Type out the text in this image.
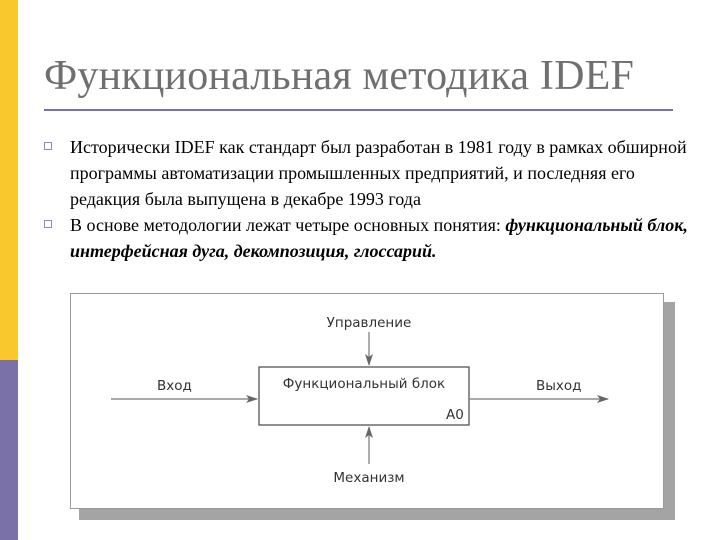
Функциональная методика IDEF
Исторически IDEF как стандарт был разработан в 1981 году в рамках обширной программы автоматизации промышленных предприятий, и последняя его редакция была выпущена в декабре 1993 года
В основе методологии лежат четыре основных понятия: функциональный блок, интерфейсная дуга, декомпозиция, глоссарий.
Управление
Вход	Функциональный блок	Выход
А0
Механизм
